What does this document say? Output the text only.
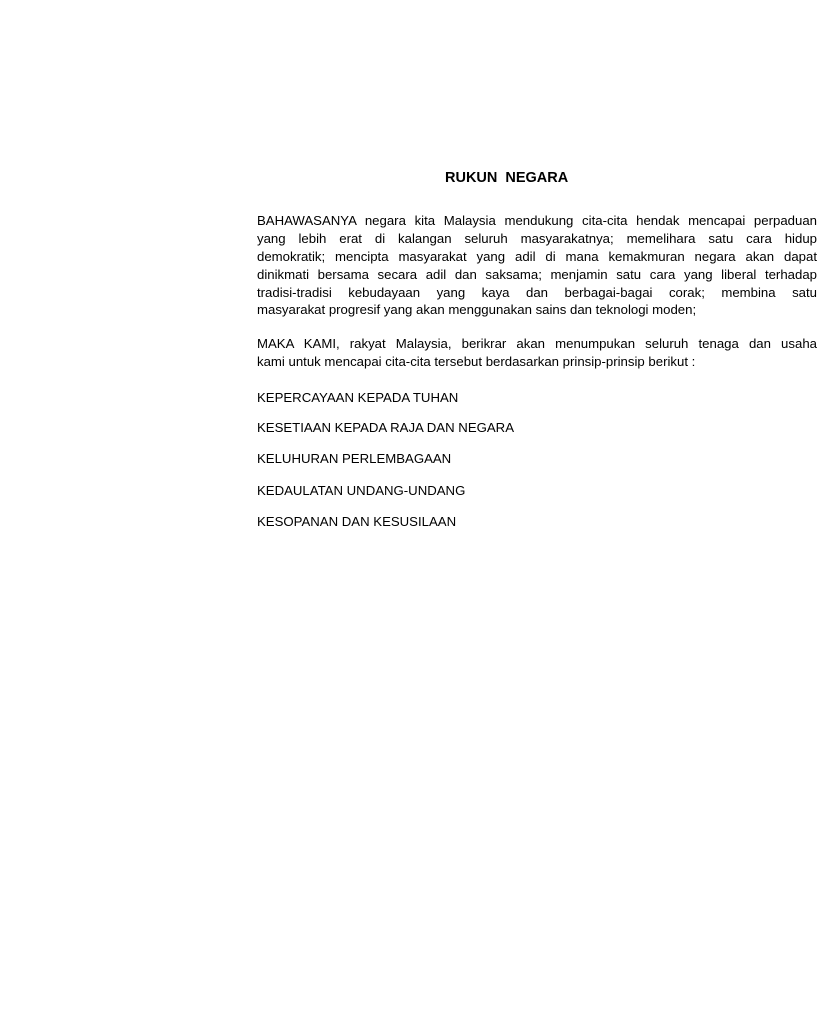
RUKUN NEGARA
BAHAWASANYA negara kita Malaysia mendukung cita-cita hendak mencapai perpaduan
yang lebih erat di kalangan seluruh masyarakatnya; memelihara satu cara hidup
demokratik; mencipta masyarakat yang adil di mana kemakmuran negara akan dapat
dinikmati bersama secara adil dan saksama; menjamin satu cara yang liberal terhadap
tradisi-tradisi kebudayaan yang kaya dan berbagai-bagai corak; membina satu
masyarakat progresif yang akan menggunakan sains dan teknologi moden;
MAKA KAMI, rakyat Malaysia, berikrar akan menumpukan seluruh tenaga dan usaha
kami untuk mencapai cita-cita tersebut berdasarkan prinsip-prinsip berikut :
KEPERCAYAAN KEPADA TUHAN
KESETIAAN KEPADA RAJA DAN NEGARA
KELUHURAN PERLEMBAGAAN
KEDAULATAN UNDANG-UNDANG
KESOPANAN DAN KESUSILAAN
